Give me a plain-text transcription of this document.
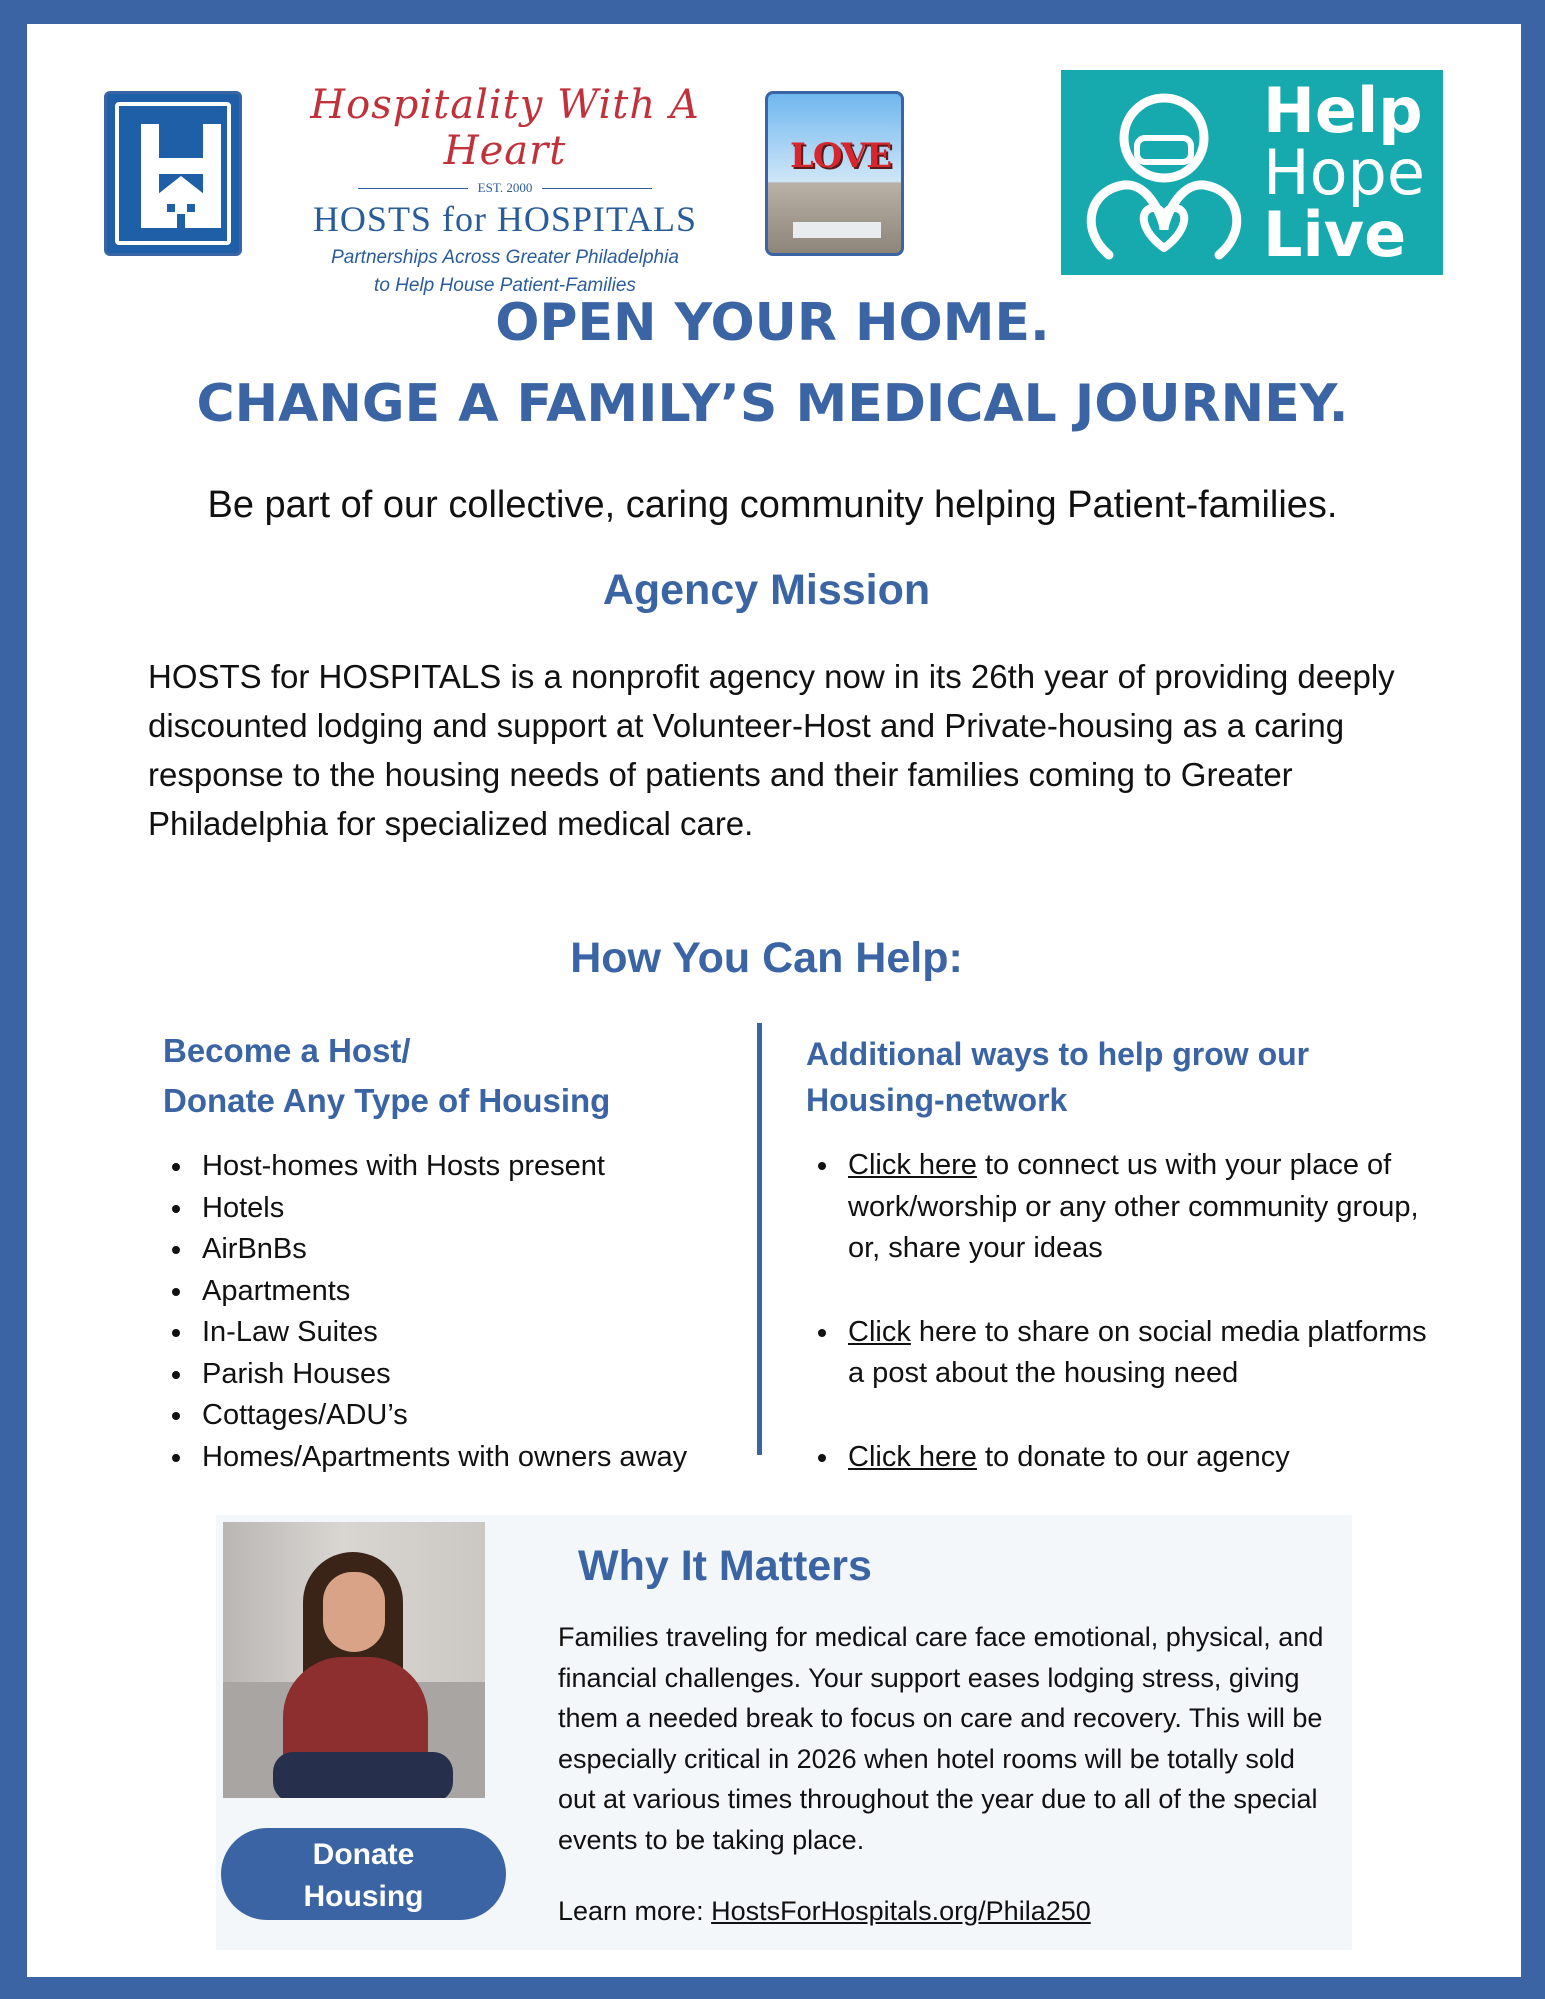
Hospitality With A Heart
EST. 2000
HOSTS for HOSPITALS
Partnerships Across Greater Philadelphia
to Help House Patient-Families
LOVE
Help
Hope
Live
OPEN YOUR HOME.
CHANGE A FAMILY’S MEDICAL JOURNEY.
Be part of our collective, caring community helping Patient-families.
Agency Mission
HOSTS for HOSPITALS is a nonprofit agency now in its 26th year of providing deeply discounted lodging and support at Volunteer-Host and Private-housing as a caring response to the housing needs of patients and their families coming to Greater Philadelphia for specialized medical care.
How You Can Help:
Become a Host/
Donate Any Type of Housing
Host-homes with Hosts present
Hotels
AirBnBs
Apartments
In-Law Suites
Parish Houses
Cottages/ADU’s
Homes/Apartments with owners away
Additional ways to help grow our
Housing-network
Click here to connect us with your place of work/worship or any other community group, or, share your ideas
Click here to share on social media platforms a post about the housing need
Click here to donate to our agency
Donate
Housing
Why It Matters
Families traveling for medical care face emotional, physical, and financial challenges. Your support eases lodging stress, giving them a needed break to focus on care and recovery. This will be especially critical in 2026 when hotel rooms will be totally sold out at various times throughout the year due to all of the special events to be taking place.
Learn more: HostsForHospitals.org/Phila250
